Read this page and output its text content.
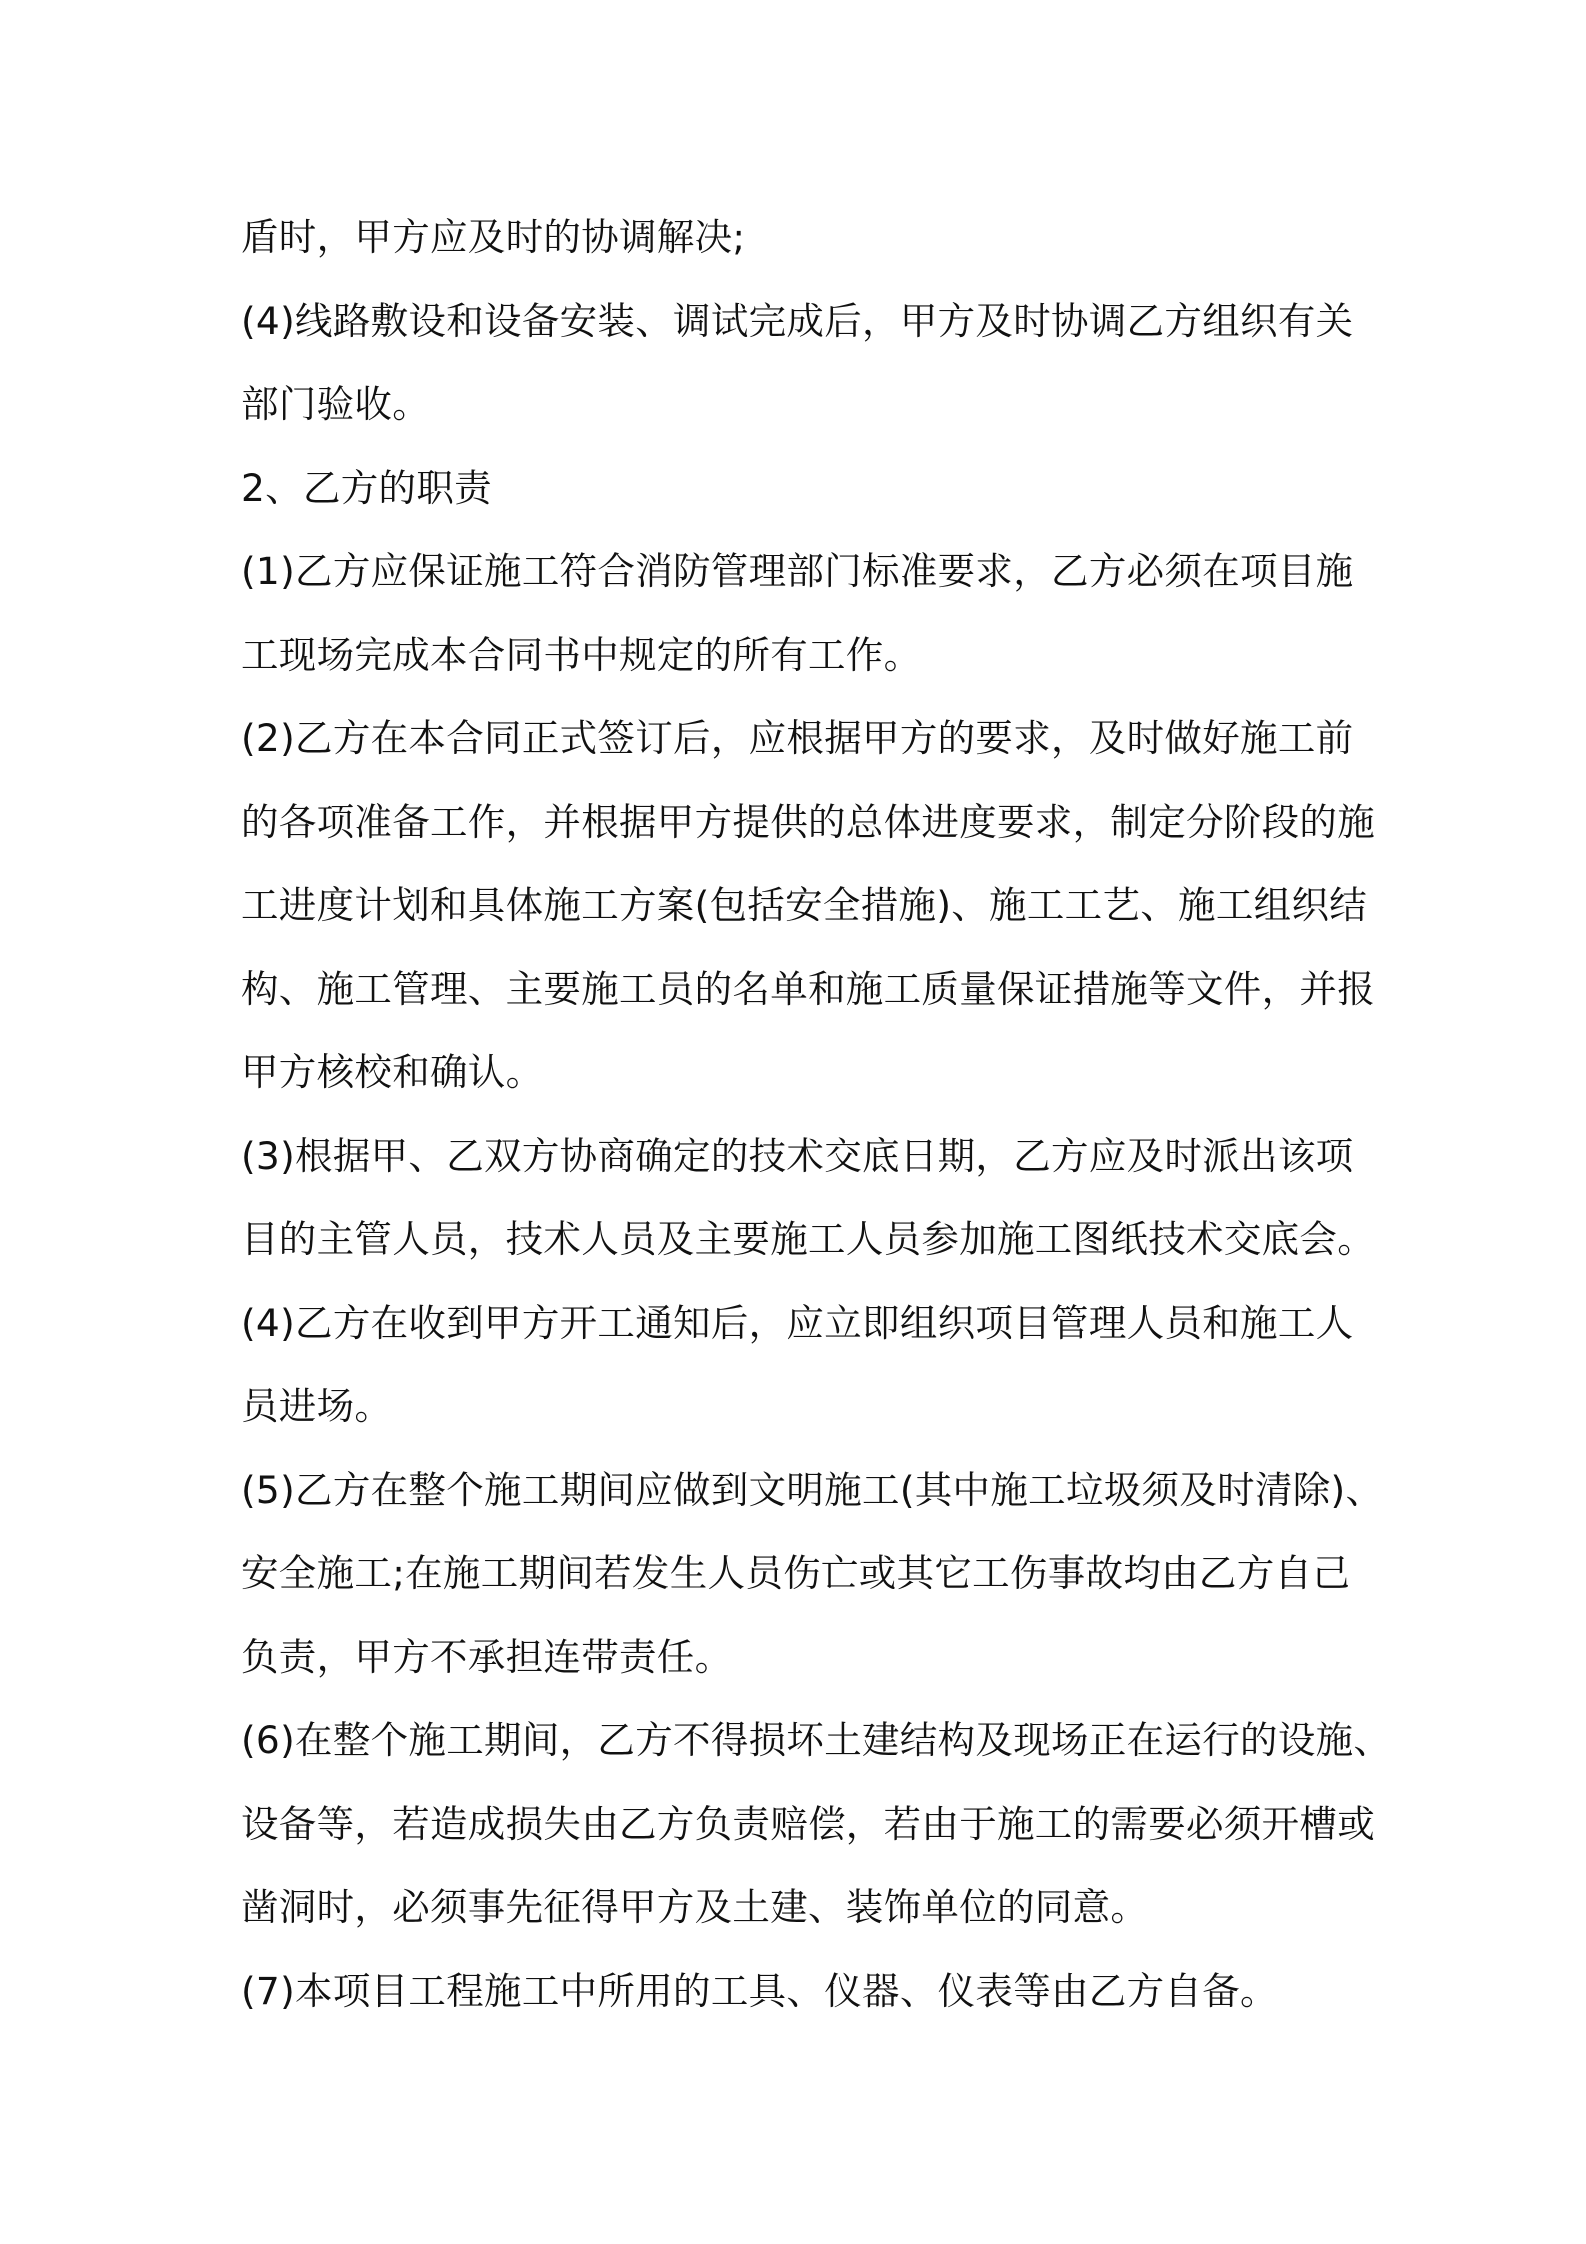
盾时，甲方应及时的协调解决;
(4)线路敷设和设备安装、调试完成后，甲方及时协调乙方组织有关
部门验收。
2、乙方的职责
(1)乙方应保证施工符合消防管理部门标准要求，乙方必须在项目施
工现场完成本合同书中规定的所有工作。
(2)乙方在本合同正式签订后，应根据甲方的要求，及时做好施工前
的各项准备工作，并根据甲方提供的总体进度要求，制定分阶段的施
工进度计划和具体施工方案(包括安全措施)、施工工艺、施工组织结
构、施工管理、主要施工员的名单和施工质量保证措施等文件，并报
甲方核校和确认。
(3)根据甲、乙双方协商确定的技术交底日期，乙方应及时派出该项
目的主管人员，技术人员及主要施工人员参加施工图纸技术交底会。
(4)乙方在收到甲方开工通知后，应立即组织项目管理人员和施工人
员进场。
(5)乙方在整个施工期间应做到文明施工(其中施工垃圾须及时清除)、
安全施工;在施工期间若发生人员伤亡或其它工伤事故均由乙方自己
负责，甲方不承担连带责任。
(6)在整个施工期间，乙方不得损坏土建结构及现场正在运行的设施、
设备等，若造成损失由乙方负责赔偿，若由于施工的需要必须开槽或
凿洞时，必须事先征得甲方及土建、装饰单位的同意。
(7)本项目工程施工中所用的工具、仪器、仪表等由乙方自备。
